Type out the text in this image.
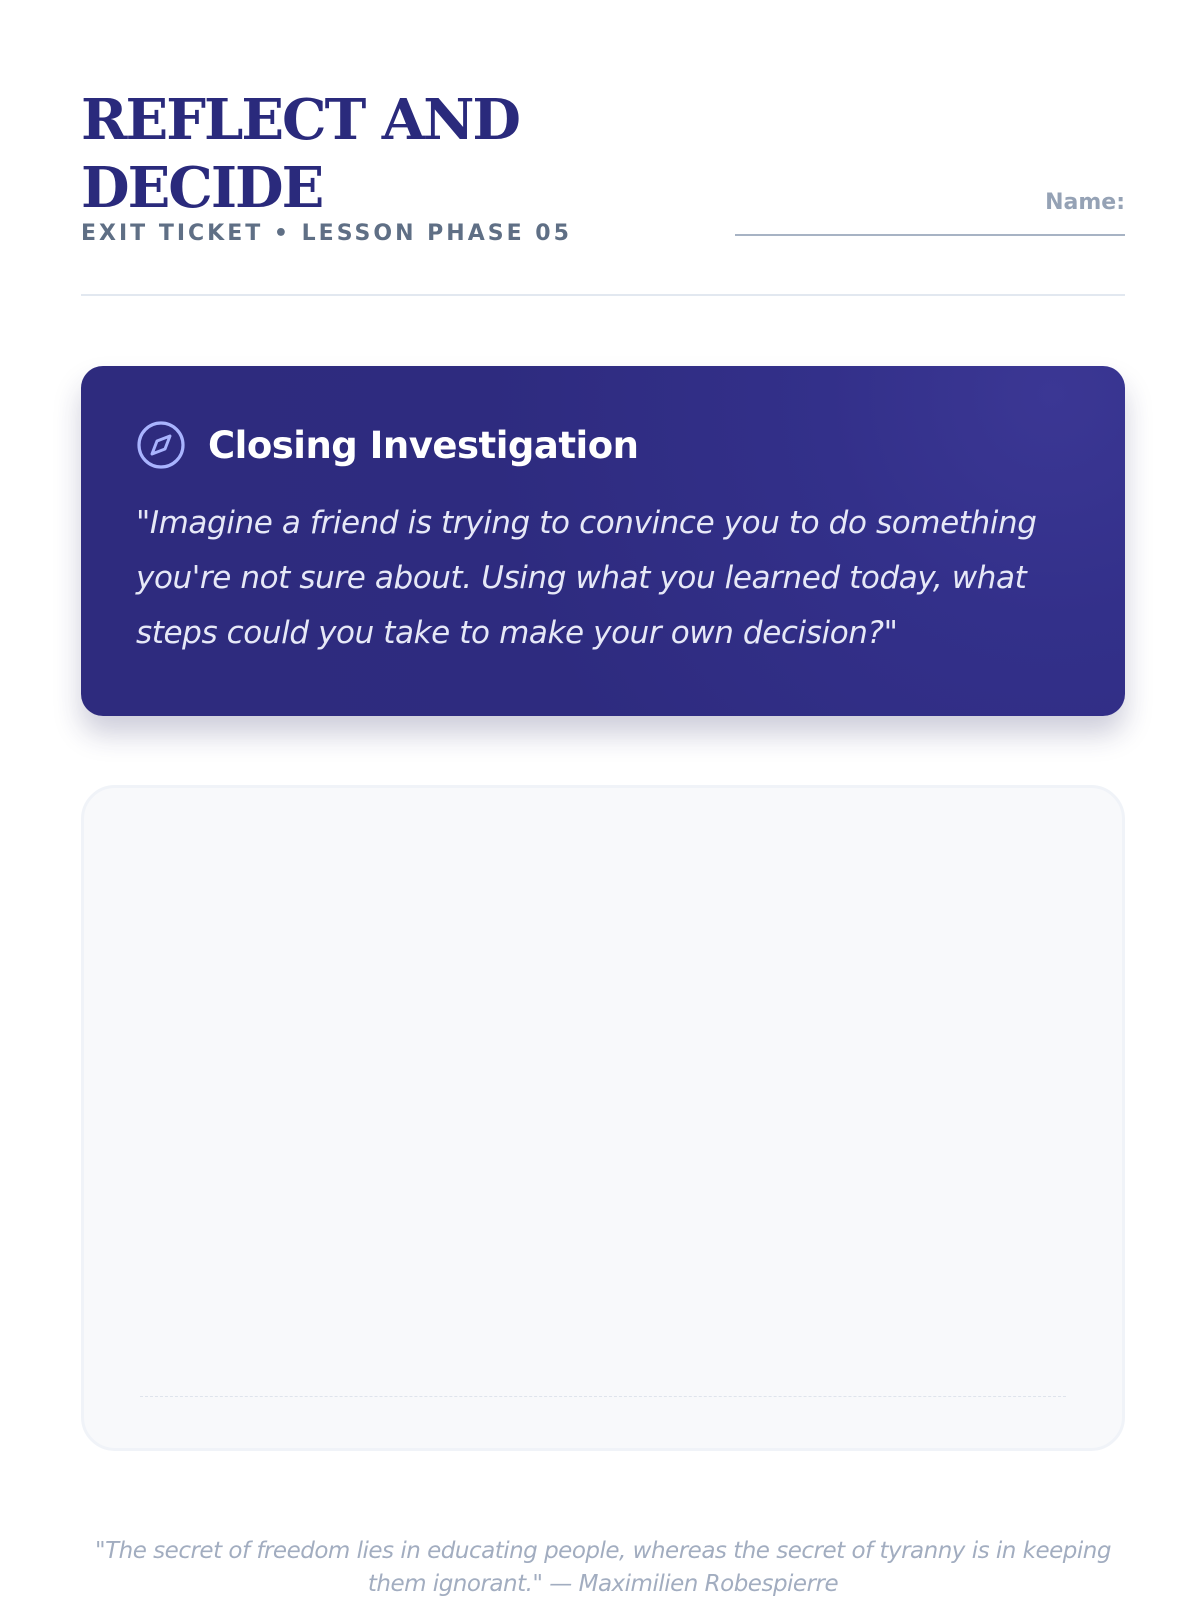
REFLECT AND DECIDE
EXIT TICKET • LESSON PHASE 05
Name:
Closing Investigation

"Imagine a friend is trying to convince you to do something you're not sure about. Using what you learned today, what steps could you take to make your own decision?"

"The secret of freedom lies in educating people, whereas the secret of tyranny is in keeping them ignorant." — Maximilien Robespierre
